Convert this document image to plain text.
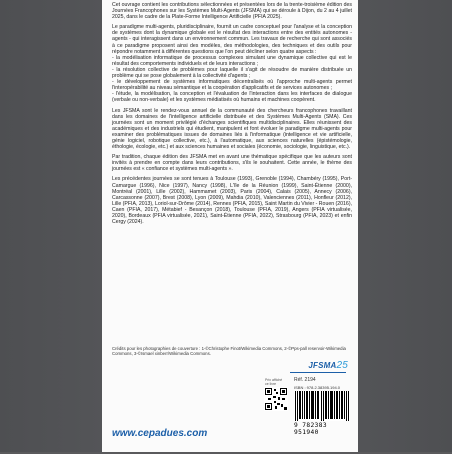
Cet ouvrage contient les contributions sélectionnées et présentées lors de la trente-troisième édition des Journées Francophones sur les Systèmes Multi-Agents (JFSMA) qui se déroule à Dijon, du 2 au 4 juillet 2025, dans le cadre de la Plate-Forme Intelligence Artificielle (PFIA 2025).

Le paradigme multi-agents, pluridisciplinaire, fournit un cadre conceptuel pour l'analyse et la conception de systèmes dont la dynamique globale est le résultat des interactions entre des entités autonomes - agents - qui interagissent dans un environnement commun. Les travaux de recherche qui sont associés à ce paradigme proposent ainsi des modèles, des méthodologies, des techniques et des outils pour répondre notamment à différentes questions que l'on peut décliner selon quatre aspects :

- la modélisation informatique de processus complexes simulant une dynamique collective qui est le résultat des comportements individuels et de leurs interactions ;

- la résolution collective de problèmes pour laquelle il s'agit de résoudre de manière distribuée un problème qui se pose globalement à la collectivité d'agents ;

- le développement de systèmes informatiques décentralisés où l'approche multi-agents permet l'interopérabilité au niveau sémantique et la coopération d'applicatifs et de services autonomes ;

- l'étude, la modélisation, la conception et l'évaluation de l'interaction dans les interfaces de dialogue (verbale ou non-verbale) et les systèmes médiatisés où humains et machines coopèrent.

Les JFSMA sont le rendez-vous annuel de la communauté des chercheurs francophones travaillant dans les domaines de l'intelligence artificielle distribuée et des Systèmes Multi-Agents (SMA). Ces journées sont un moment privilégié d'échanges scientifiques multidisciplinaires. Elles réunissent des académiques et des industriels qui étudient, manipulent et font évoluer le paradigme multi-agents pour examiner des problématiques issues de domaines liés à l'informatique (intelligence et vie artificielle, génie logiciel, robotique collective, etc.), à l'automatique, aux sciences naturelles (épistémologie, éthologie, écologie, etc.) et aux sciences humaines et sociales (économie, sociologie, linguistique, etc.).

Par tradition, chaque édition des JFSMA met en avant une thématique spécifique que les auteurs sont invités à prendre en compte dans leurs contributions, s'ils le souhaitent. Cette année, le thème des journées est « confiance et systèmes multi-agents ».

Les précédentes journées se sont tenues à Toulouse (1993), Grenoble (1994), Chambéry (1995), Port-Camargue (1996), Nice (1997), Nancy (1998), L'île de la Réunion (1999), Saint-Étienne (2000), Montréal (2001), Lille (2002), Hammamet (2003), Paris (2004), Calais (2005), Annecy (2006), Carcassonne (2007), Brest (2008), Lyon (2009), Mahdia (2010), Valenciennes (2011), Honfleur (2012), Lille (PFIA, 2013), Loriol-sur-Drôme (2014), Rennes (PFIA, 2015), Saint Martin du Vivier - Rouen (2016), Caen (PFIA, 2017), Métabief - Besançon (2018), Toulouse (PFIA, 2019), Angers (PFIA virtualisée, 2020), Bordeaux (PFIA virtualisée, 2021), Saint-Étienne (PFIA, 2022), Strasbourg (PFIA, 2023) et enfin Cergy (2024).

Crédits pour les photographies de couverture : 1-©Christophe Finot/Wikimedia Commons, 2-©Pps-pall reservoir-Wikimedia Commons, 3-©Ismael xinberr/Wikimedia Commons.
JFSMA25
Prix affiché ce livre
Réf. 2194
ISBN : 978.2.38395.194.0
9 782383 951940
www.cepadues.com
